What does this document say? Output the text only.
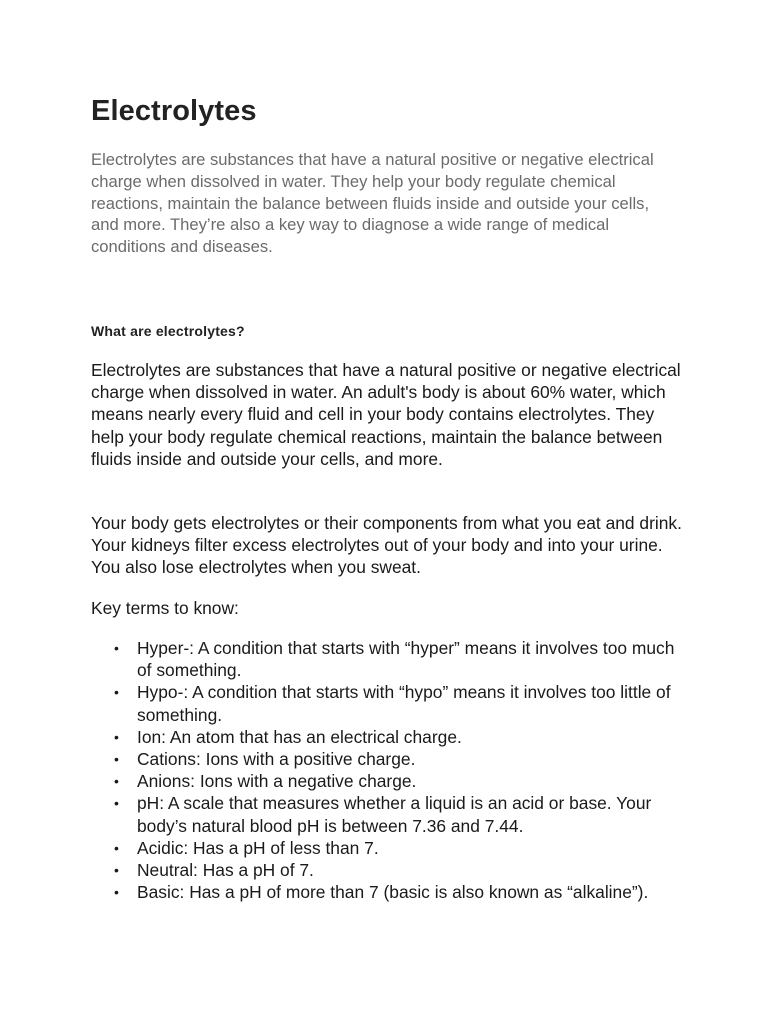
Electrolytes

Electrolytes are substances that have a natural positive or negative electrical charge when dissolved in water. They help your body regulate chemical reactions, maintain the balance between fluids inside and outside your cells, and more. They’re also a key way to diagnose a wide range of medical conditions and diseases.

What are electrolytes?

Electrolytes are substances that have a natural positive or negative electrical charge when dissolved in water. An adult's body is about 60% water, which means nearly every fluid and cell in your body contains electrolytes. They help your body regulate chemical reactions, maintain the balance between fluids inside and outside your cells, and more.

Your body gets electrolytes or their components from what you eat and drink. Your kidneys filter excess electrolytes out of your body and into your urine. You also lose electrolytes when you sweat.

Key terms to know:

• Hyper-: A condition that starts with “hyper” means it involves too much of something.
• Hypo-: A condition that starts with “hypo” means it involves too little of something.
• Ion: An atom that has an electrical charge.
• Cations: Ions with a positive charge.
• Anions: Ions with a negative charge.
• pH: A scale that measures whether a liquid is an acid or base. Your body’s natural blood pH is between 7.36 and 7.44.
• Acidic: Has a pH of less than 7.
• Neutral: Has a pH of 7.
• Basic: Has a pH of more than 7 (basic is also known as “alkaline”).
